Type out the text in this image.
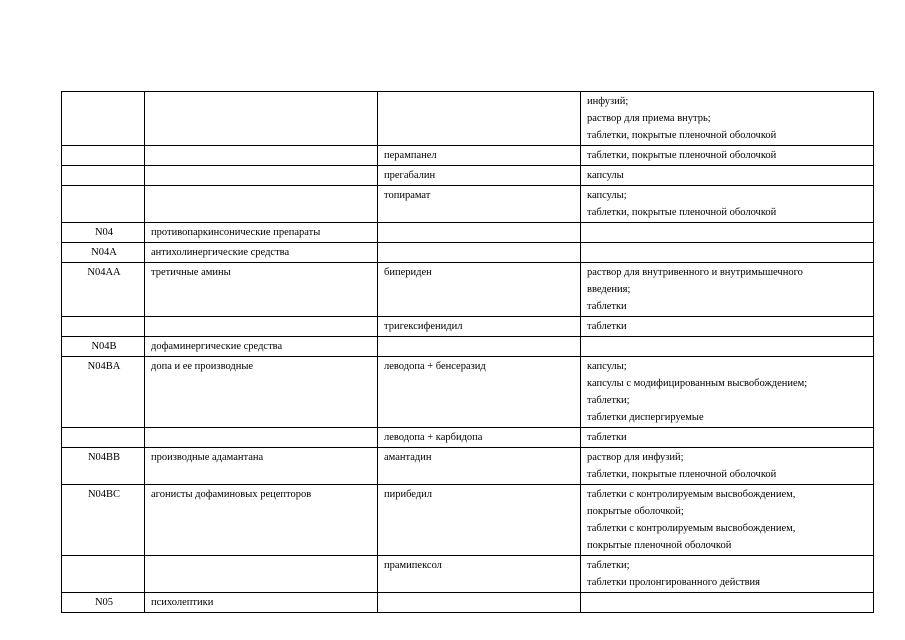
			инфузий;
раствор для приема внутрь;
таблетки, покрытые пленочной оболочкой

		перампанел	таблетки, покрытые пленочной оболочкой

		прегабалин	капсулы

		топирамат	капсулы;
таблетки, покрытые пленочной оболочкой

N04	противопаркинсонические препараты		

N04A	антихолинергические средства		

N04AA	третичные амины	бипериден	раствор для внутривенного и внутримышечного
введения;
таблетки

		тригексифенидил	таблетки

N04B	дофаминергические средства		

N04BA	допа и ее производные	леводопа + бенсеразид	капсулы;
капсулы с модифицированным высвобождением;
таблетки;
таблетки диспергируемые

		леводопа + карбидопа	таблетки

N04BB	производные адамантана	амантадин	раствор для инфузий;
таблетки, покрытые пленочной оболочкой

N04BC	агонисты дофаминовых рецепторов	пирибедил	таблетки с контролируемым высвобождением,
покрытые оболочкой;
таблетки с контролируемым высвобождением,
покрытые пленочной оболочкой

		прамипексол	таблетки;
таблетки пролонгированного действия

N05	психолептики		
